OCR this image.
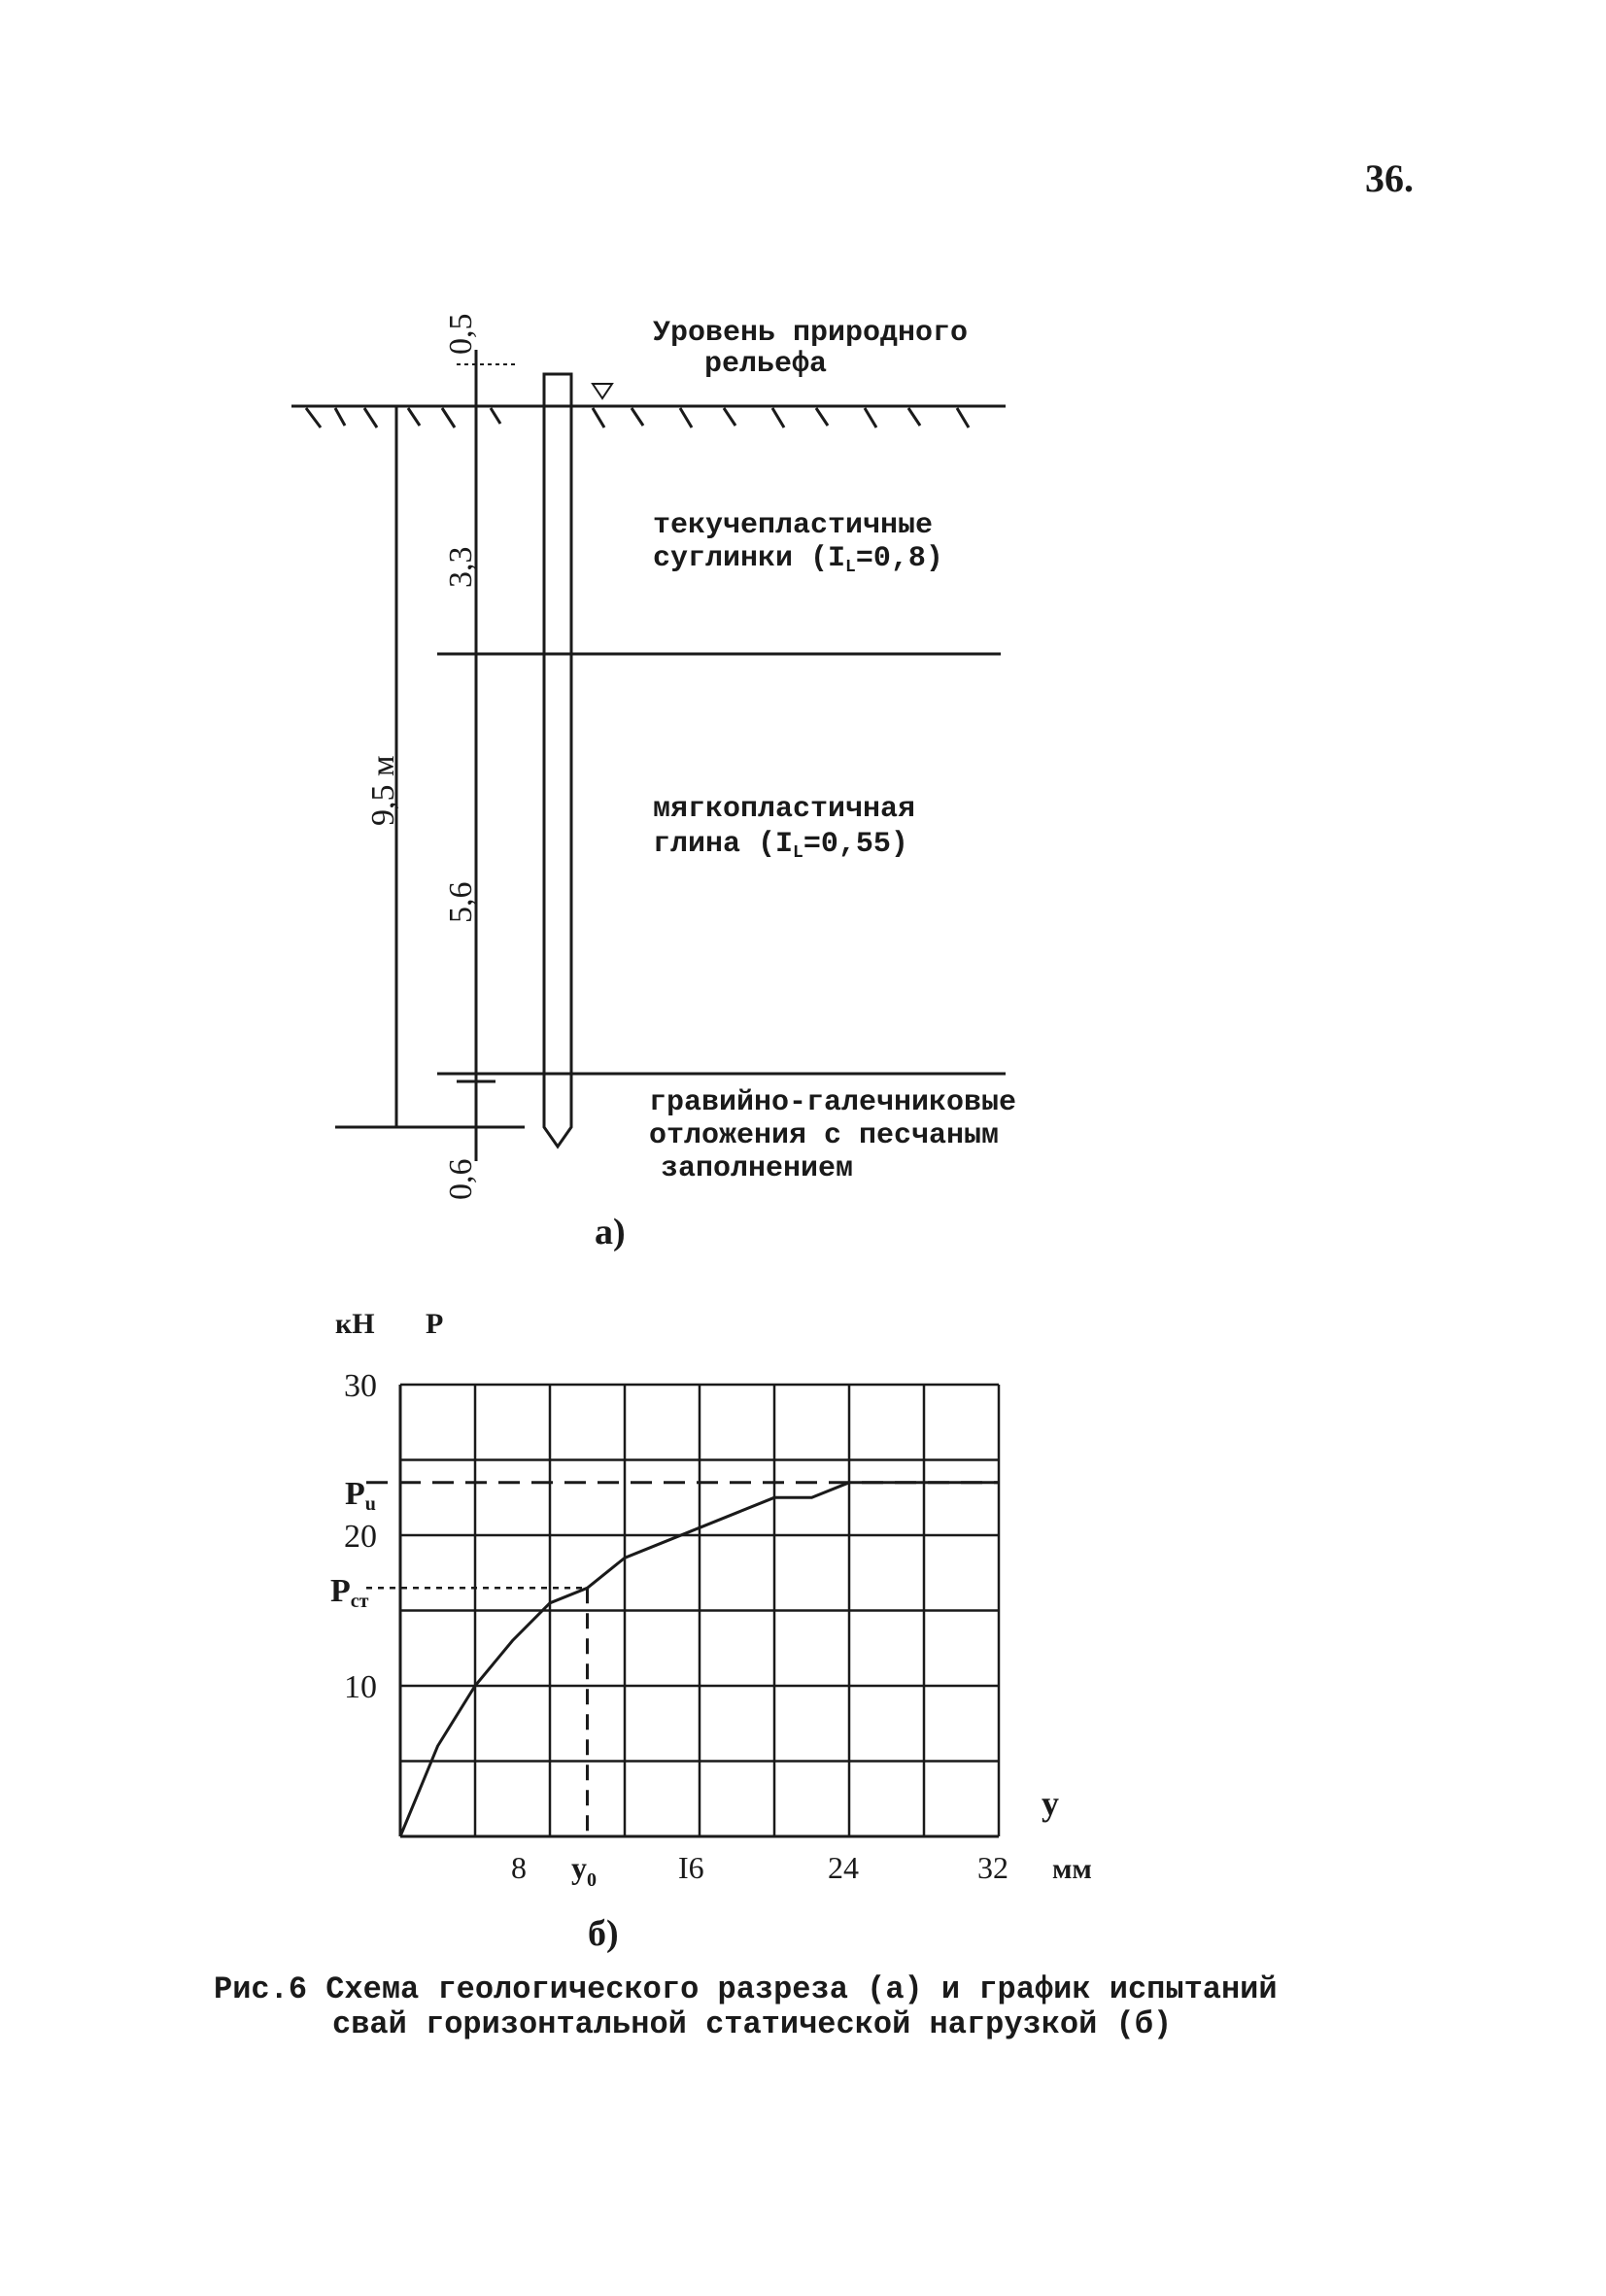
36.
0,5
3,3
9,5 м
5,6
0,6
Уровень природного
рельефа
текучепластичные
суглинки $(I_L=0,8)$
мягкопластичная
глина $(I_L=0,55)$
гравийно-галечниковые
отложения с песчаным
заполнением
а)
30
20
10
8	I6	24	32
кН Р
у
мм
Рu
Рст
$у_0$
б)
Рис.6 Схема геологического разреза (а) и график испытаний
свай горизонтальной статической нагрузкой (б)
